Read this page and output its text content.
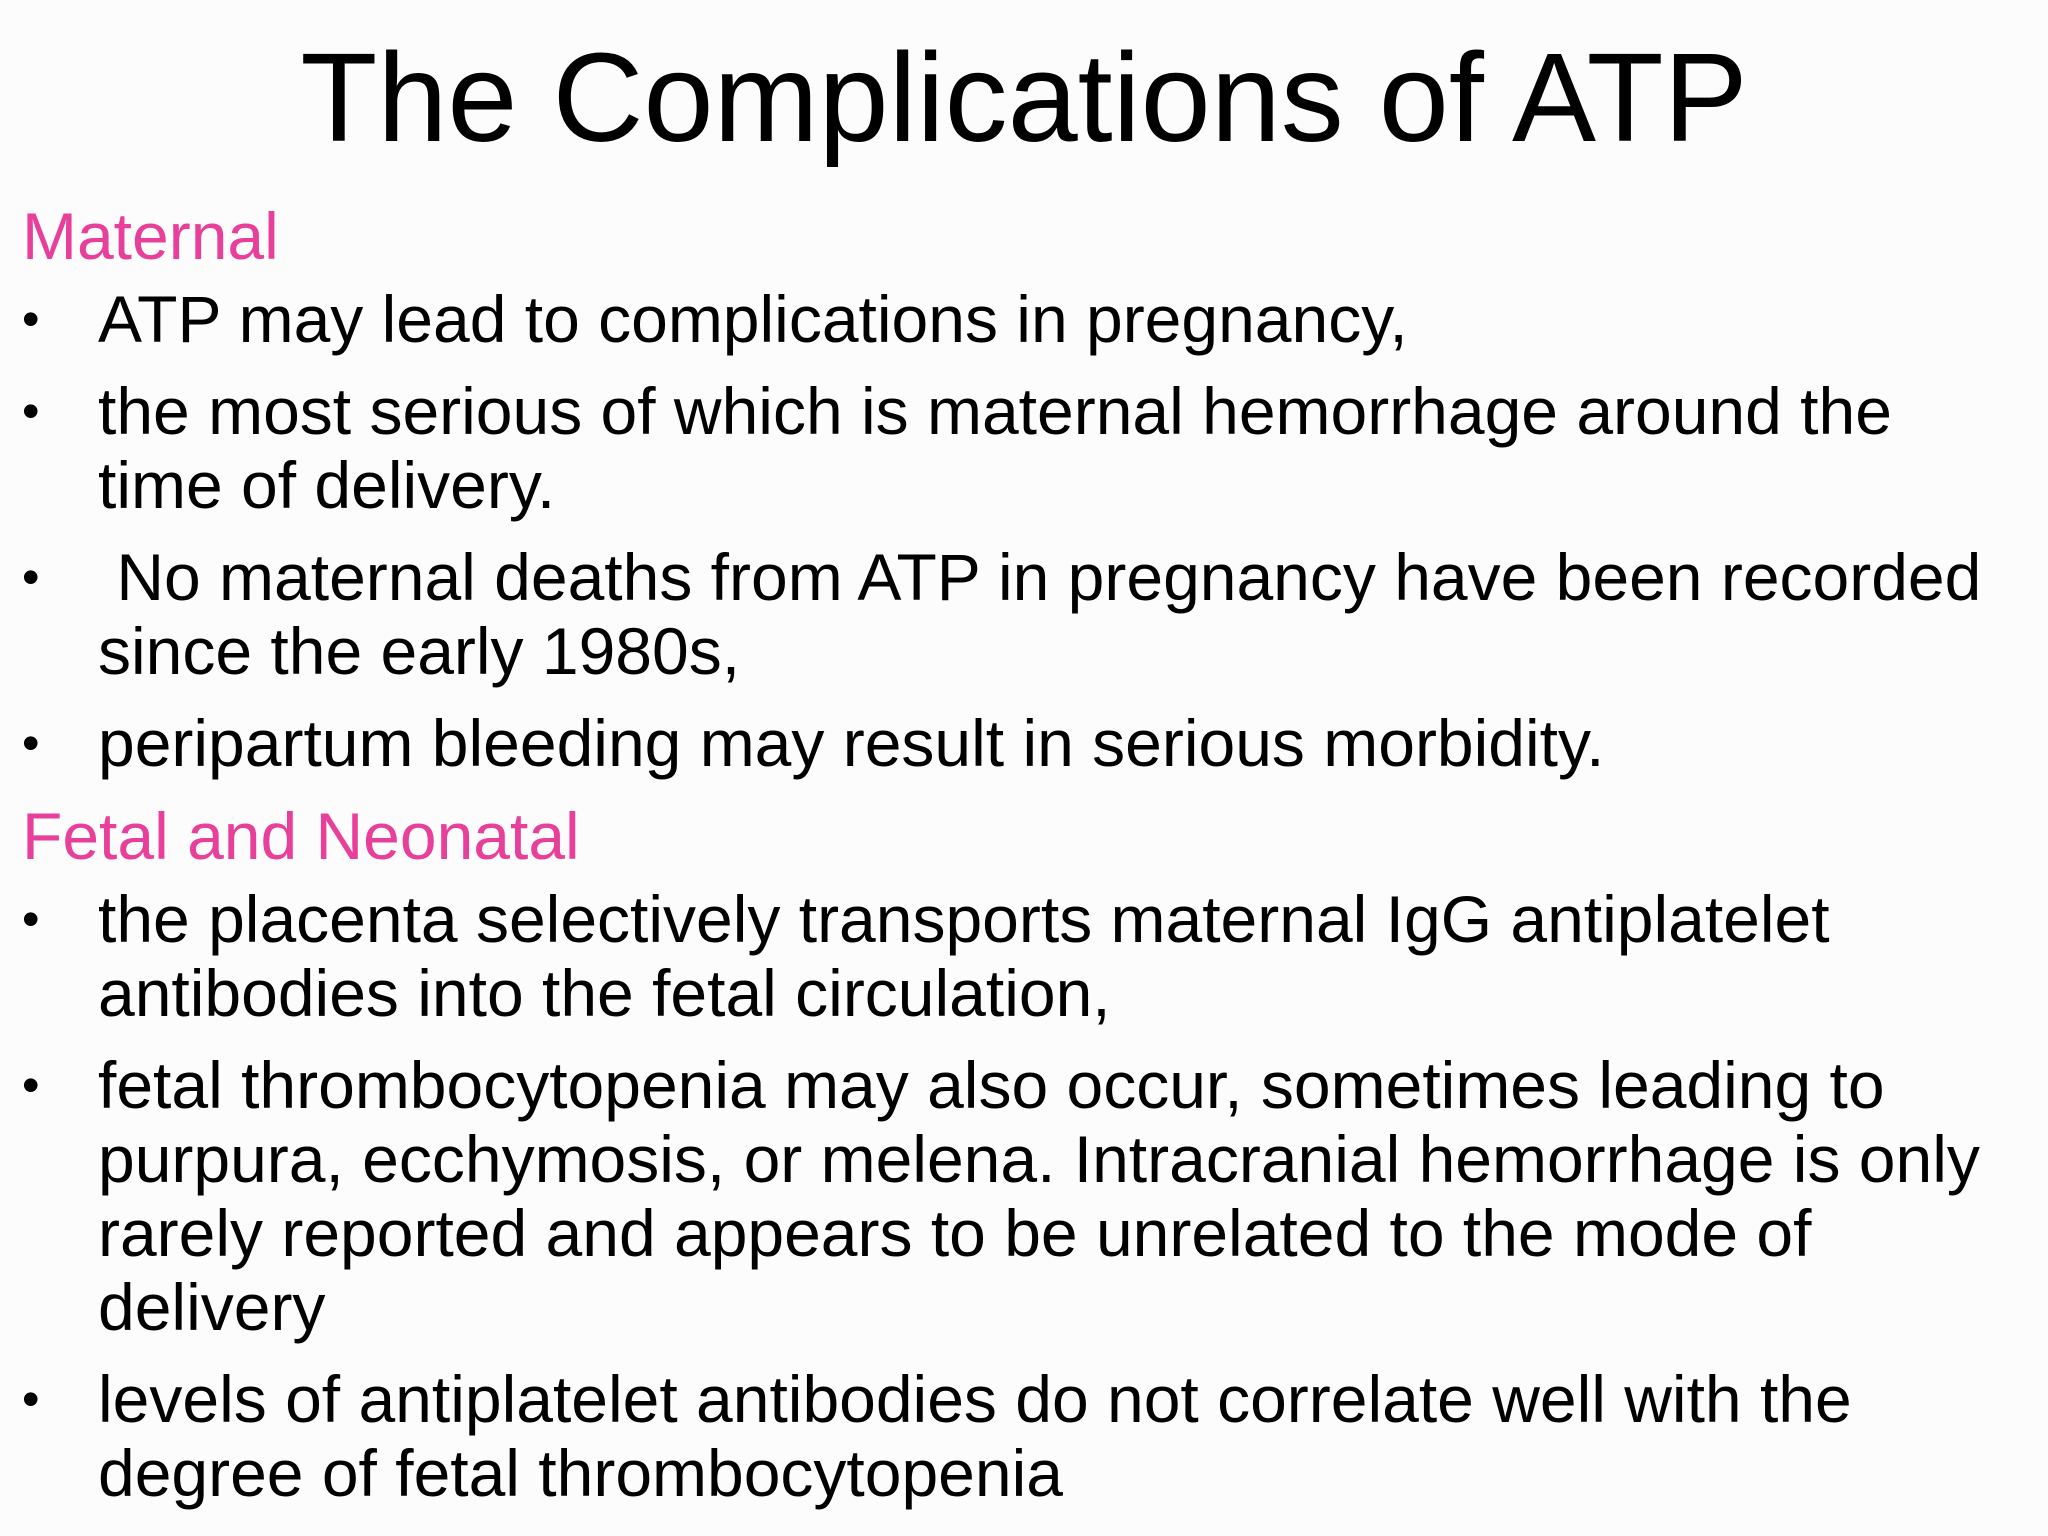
The Complications of ATP
Maternal
• ATP may lead to complications in pregnancy,
• the most serious of which is maternal hemorrhage around the time of delivery.
• No maternal deaths from ATP in pregnancy have been recorded since the early 1980s,
• peripartum bleeding may result in serious morbidity.
Fetal and Neonatal
• the placenta selectively transports maternal IgG antiplatelet antibodies into the fetal circulation,
• fetal thrombocytopenia may also occur, sometimes leading to purpura, ecchymosis, or melena. Intracranial hemorrhage is only rarely reported and appears to be unrelated to the mode of delivery
• levels of antiplatelet antibodies do not correlate well with the degree of fetal thrombocytopenia
